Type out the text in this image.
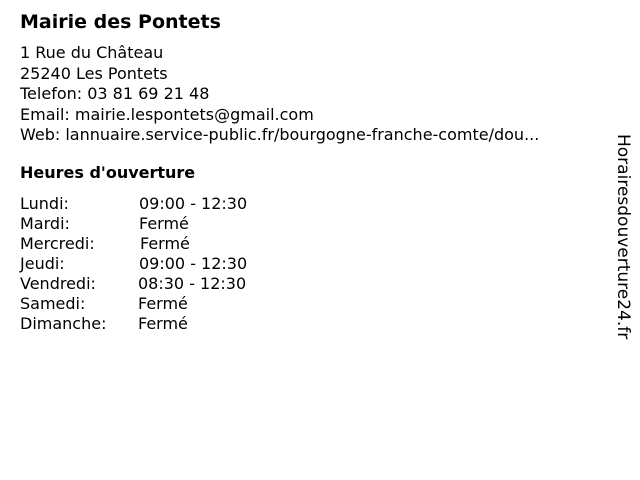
Mairie des Pontets
1 Rue du Château
25240 Les Pontets
Telefon: 03 81 69 21 48
Email: mairie.lespontets@gmail.com
Web: lannuaire.service-public.fr/bourgogne-franche-comte/dou...
Heures d'ouverture
Lundi:	09:00 - 12:30
Mardi:	Fermé
Mercredi:	Fermé
Jeudi:	09:00 - 12:30
Vendredi:	08:30 - 12:30
Samedi:	Fermé
Dimanche: Fermé	Horairesdouverture24.fr
